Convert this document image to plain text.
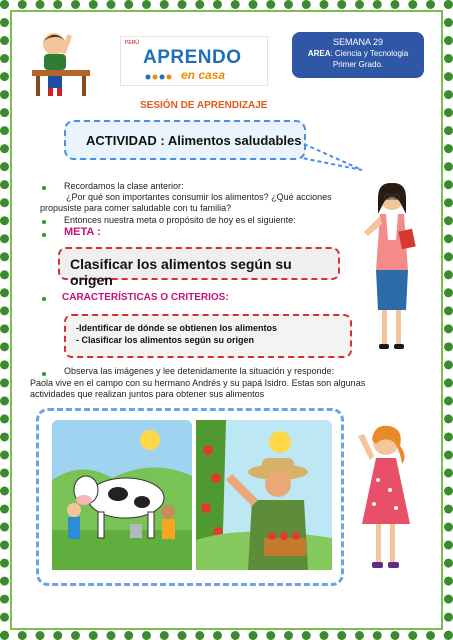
PERÚ
APRENDO
en casa
SEMANA 29
AREA: Ciencia y Tecnologia
Primer Grado.
SESIÓN DE APRENDIZAJE
ACTIVIDAD : Alimentos saludables
Recordamos la clase anterior:
¿Por qué son importantes consumir los alimentos? ¿Qué acciones
propusiste para comer saludable con tu familia?
Entonces nuestra meta o propósito de hoy es el siguiente:
META :
Clasificar los alimentos según su origen
CARACTERÍSTICAS O CRITERIOS:
-Identificar de dónde se obtienen los alimentos
- Clasificar los alimentos según su origen
Observa las imágenes y lee detenidamente la situación y responde:
Paola vive en el campo con su hermano Andrés y su papá Isidro. Estas son algunas
actividades que realizan juntos para obtener sus alimentos
